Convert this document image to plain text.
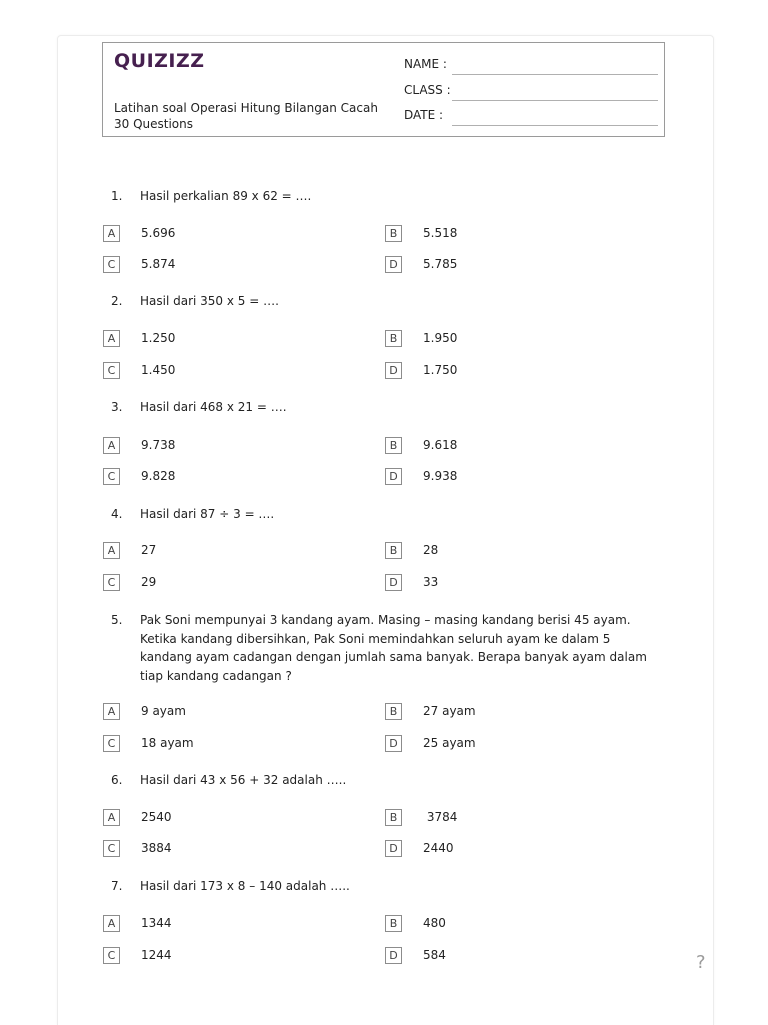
QUIZIZZ
Latihan soal Operasi Hitung Bilangan Cacah
30 Questions
NAME :
CLASS :
DATE :
1. Hasil perkalian 89 x 62 = ….
A	5.696	B	5.518
C	5.874	D	5.785
2. Hasil dari 350 x 5 = ….
A	1.250	B	1.950
C	1.450	D	1.750
3. Hasil dari 468 x 21 = ….
A	9.738	B	9.618
C	9.828	D	9.938
4. Hasil dari 87 ÷ 3 = ….
A	27	B	28
C	29	D	33
5. Pak Soni mempunyai 3 kandang ayam. Masing – masing kandang berisi 45 ayam. Ketika kandang dibersihkan, Pak Soni memindahkan seluruh ayam ke dalam 5 kandang ayam cadangan dengan jumlah sama banyak. Berapa banyak ayam dalam tiap kandang cadangan ?
A	9 ayam	B	27 ayam
C	18 ayam	D	25 ayam
6. Hasil dari 43 x 56 + 32 adalah …..
A	2540	B	3784
C	3884	D	2440
7. Hasil dari 173 x 8 – 140 adalah …..
A	1344	B	480
C	1244	D	584	?
